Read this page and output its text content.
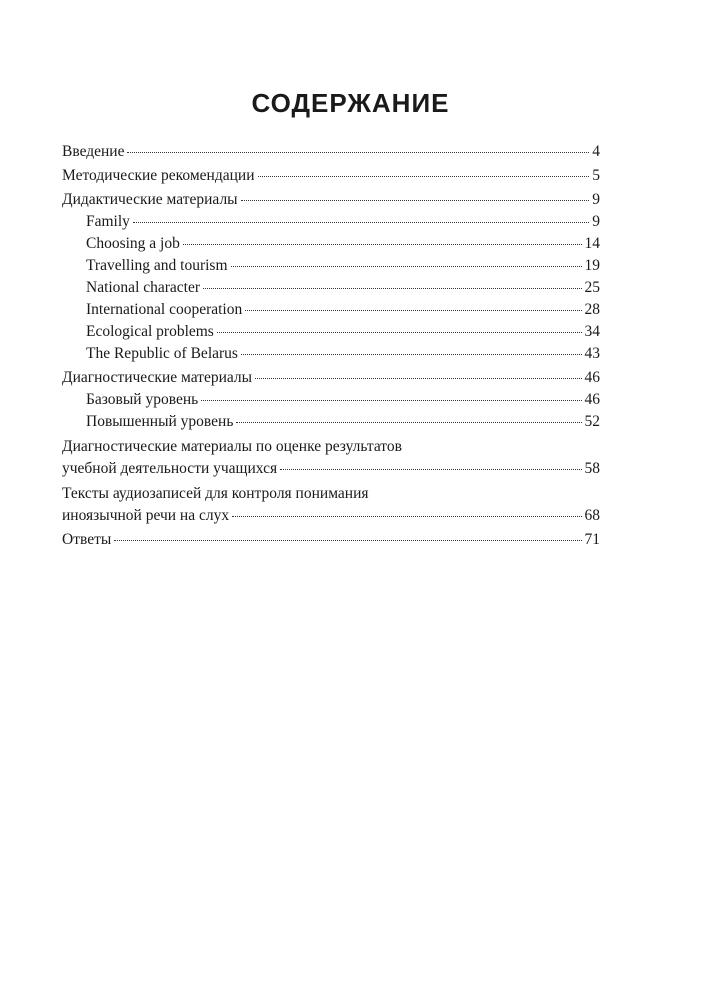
СОДЕРЖАНИЕ
Введение	4
Методические рекомендации	5
Дидактические материалы	9
Family	9
Choosing a job	14
Travelling and tourism	19
National character	25
International cooperation	28
Ecological problems	34
The Republic of Belarus	43
Диагностические материалы	46
Базовый уровень	46
Повышенный уровень	52
Диагностические материалы по оценке результатов
учебной деятельности учащихся	58
Тексты аудиозаписей для контроля понимания
иноязычной речи на слух	68
Ответы	71
